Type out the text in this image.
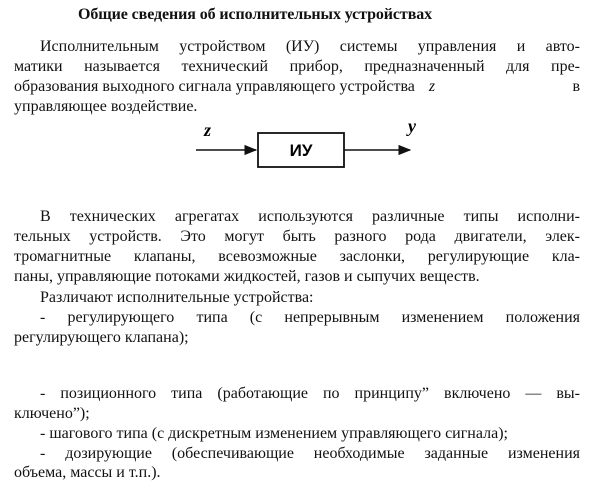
Общие сведения об исполнительных устройствах
Исполнительным устройством (ИУ) системы управления и авто-
матики называется технический прибор, предназначенный для пре-
образования выходного сигнала управляющего устройства z	в
управляющее воздействие.
z
ИУ
y
В технических агрегатах используются различные типы исполни-
тельных устройств. Это могут быть разного рода двигатели, элек-
тромагнитные клапаны, всевозможные заслонки, регулирующие кла-
паны, управляющие потоками жидкостей, газов и сыпучих веществ.
Различают исполнительные устройства:
- регулирующего типа (с непрерывным изменением положения
регулирующего клапана);
- позиционного типа (работающие по принципу” включено — вы-
ключено”);
- шагового типа (с дискретным изменением управляющего сигнала);
- дозирующие (обеспечивающие необходимые заданные изменения
объема, массы и т.п.).
